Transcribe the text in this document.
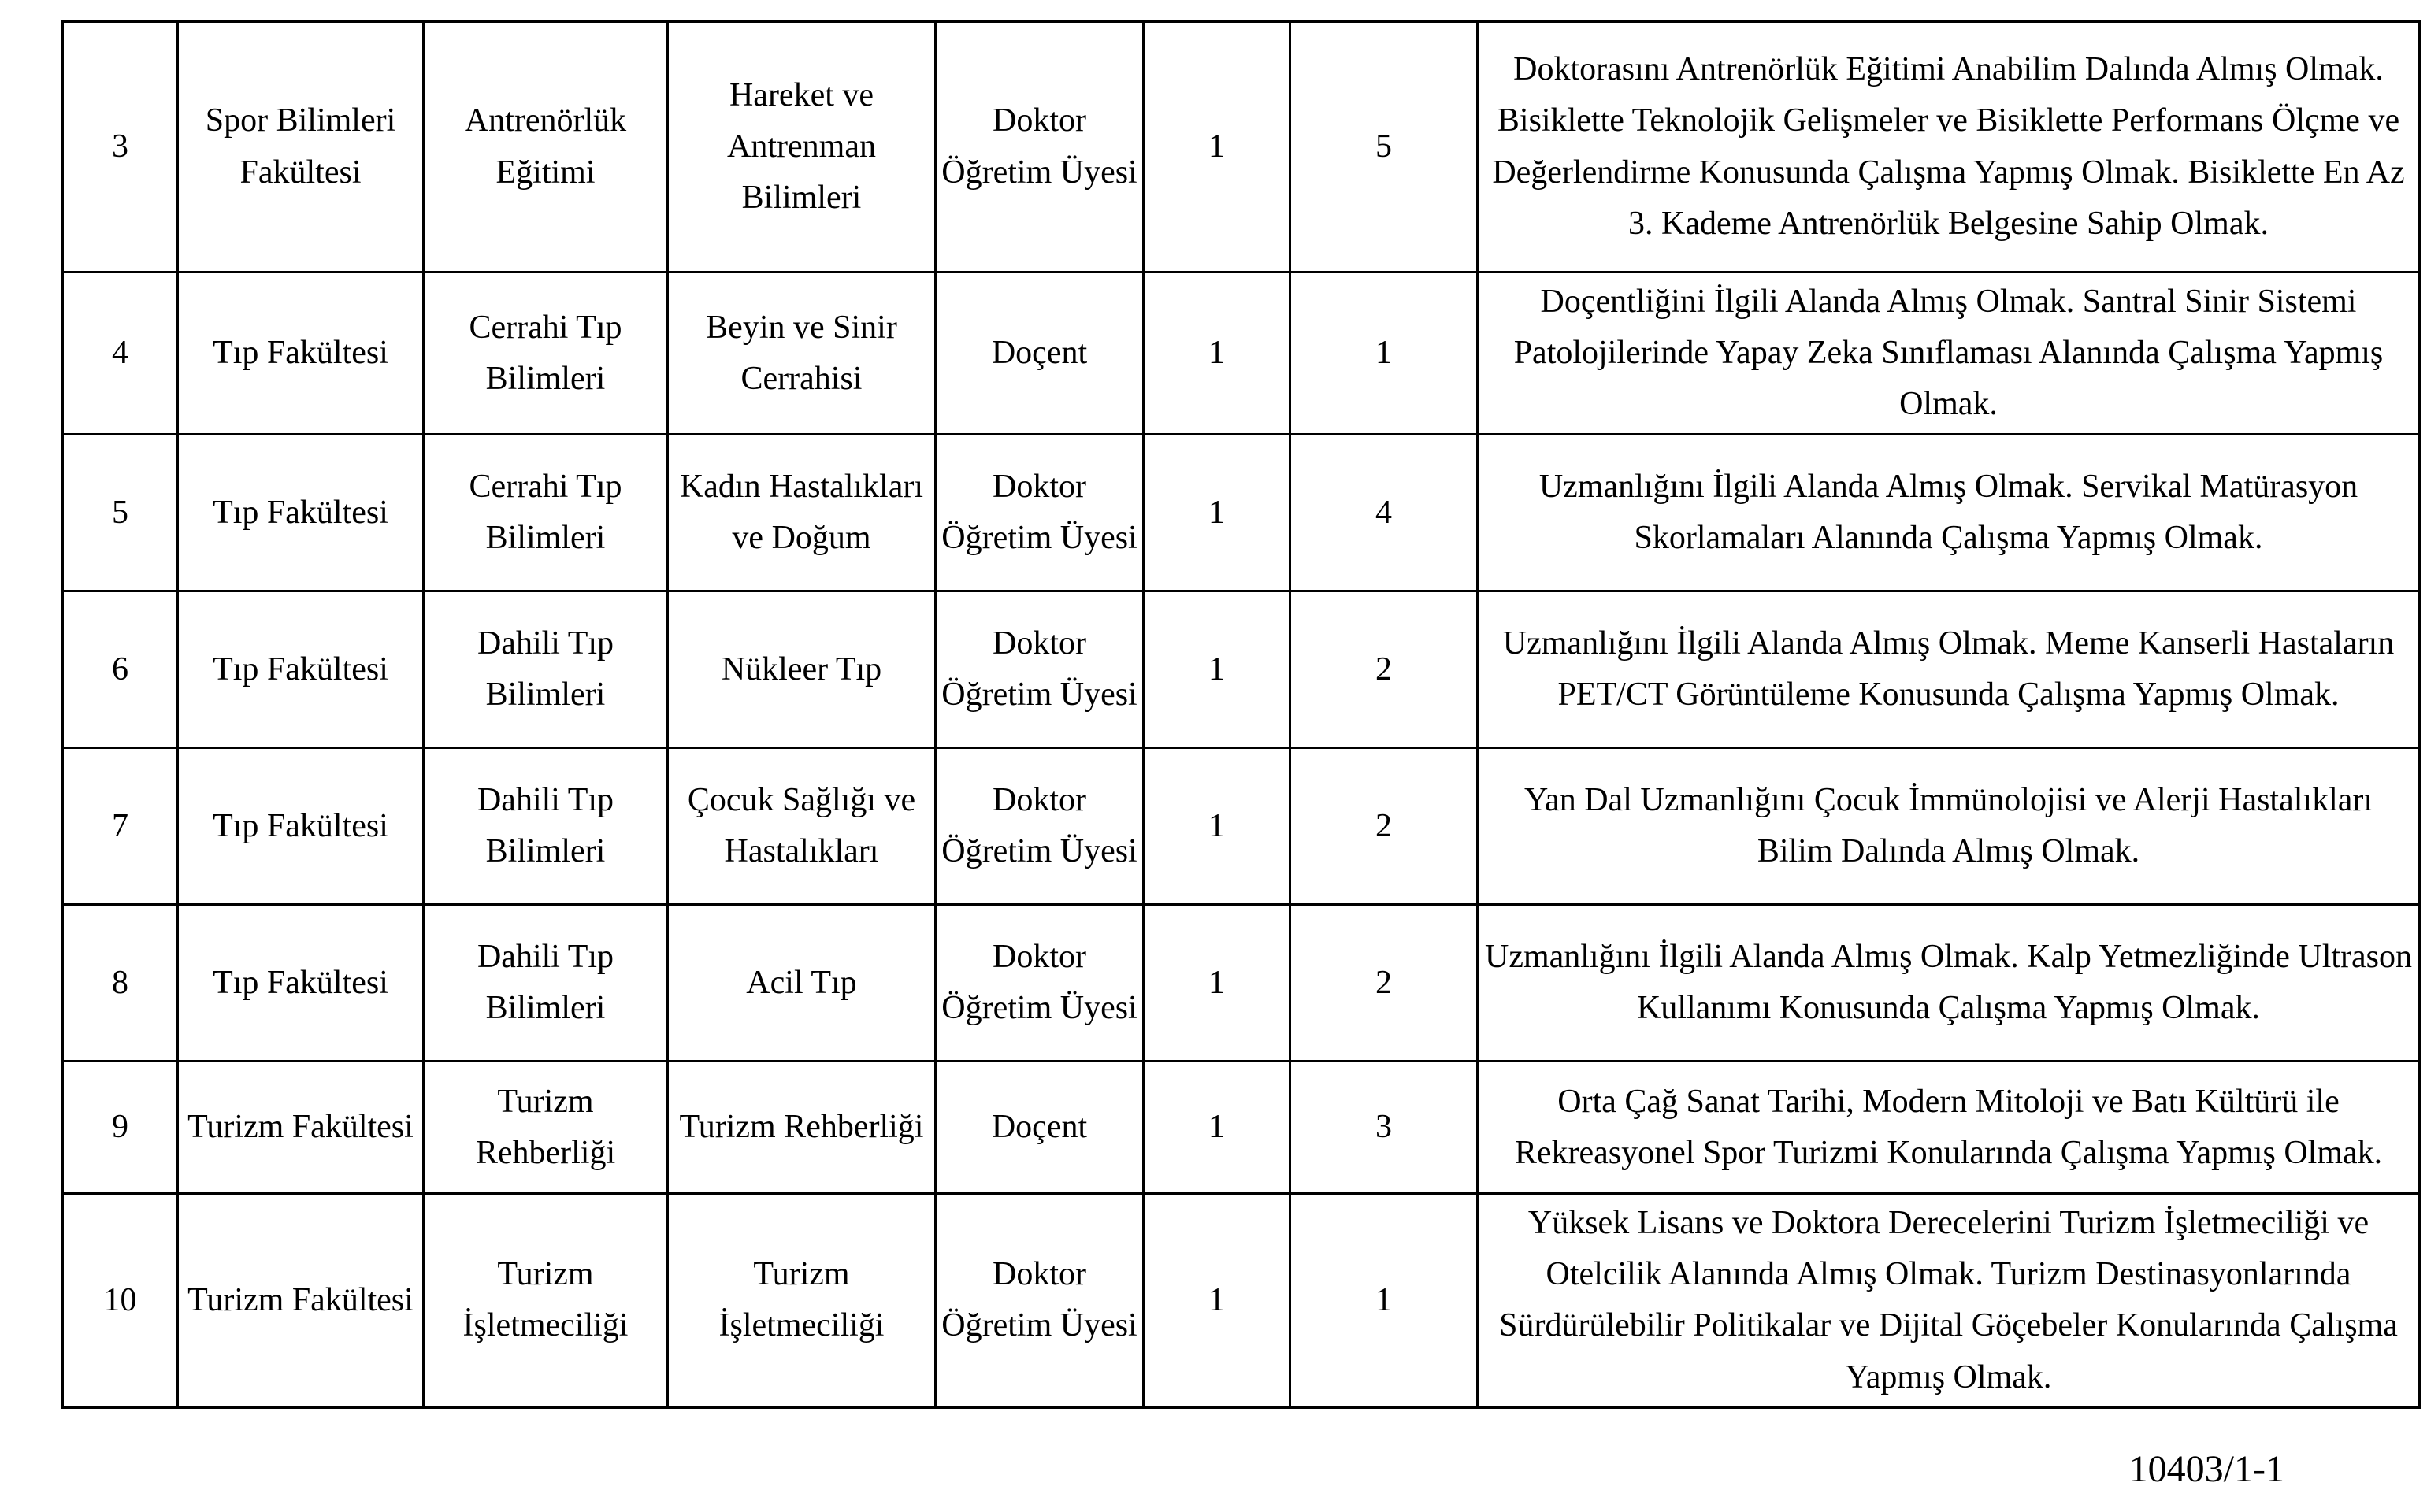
3	Spor Bilimleri Fakültesi	Antrenörlük Eğitimi	Hareket ve Antrenman Bilimleri	Doktor Öğretim Üyesi	1	5	Doktorasını Antrenörlük Eğitimi Anabilim Dalında Almış Olmak. Bisiklette Teknolojik Gelişmeler ve Bisiklette Performans Ölçme ve Değerlendirme Konusunda Çalışma Yapmış Olmak. Bisiklette En Az 3. Kademe Antrenörlük Belgesine Sahip Olmak.
4	Tıp Fakültesi	Cerrahi Tıp Bilimleri	Beyin ve Sinir Cerrahisi	Doçent	1	1	Doçentliğini İlgili Alanda Almış Olmak. Santral Sinir Sistemi Patolojilerinde Yapay Zeka Sınıflaması Alanında Çalışma Yapmış Olmak.
5	Tıp Fakültesi	Cerrahi Tıp Bilimleri	Kadın Hastalıkları ve Doğum	Doktor Öğretim Üyesi	1	4	Uzmanlığını İlgili Alanda Almış Olmak. Servikal Matürasyon Skorlamaları Alanında Çalışma Yapmış Olmak.
6	Tıp Fakültesi	Dahili Tıp Bilimleri	Nükleer Tıp	Doktor Öğretim Üyesi	1	2	Uzmanlığını İlgili Alanda Almış Olmak. Meme Kanserli Hastaların PET/CT Görüntüleme Konusunda Çalışma Yapmış Olmak.
7	Tıp Fakültesi	Dahili Tıp Bilimleri	Çocuk Sağlığı ve Hastalıkları	Doktor Öğretim Üyesi	1	2	Yan Dal Uzmanlığını Çocuk İmmünolojisi ve Alerji Hastalıkları Bilim Dalında Almış Olmak.
8	Tıp Fakültesi	Dahili Tıp Bilimleri	Acil Tıp	Doktor Öğretim Üyesi	1	2	Uzmanlığını İlgili Alanda Almış Olmak. Kalp Yetmezliğinde Ultrason Kullanımı Konusunda Çalışma Yapmış Olmak.
9	Turizm Fakültesi	Turizm Rehberliği	Turizm Rehberliği	Doçent	1	3	Orta Çağ Sanat Tarihi, Modern Mitoloji ve Batı Kültürü ile Rekreasyonel Spor Turizmi Konularında Çalışma Yapmış Olmak.
10	Turizm Fakültesi	Turizm İşletmeciliği	Turizm İşletmeciliği	Doktor Öğretim Üyesi	1	1	Yüksek Lisans ve Doktora Derecelerini Turizm İşletmeciliği ve Otelcilik Alanında Almış Olmak. Turizm Destinasyonlarında Sürdürülebilir Politikalar ve Dijital Göçebeler Konularında Çalışma Yapmış Olmak.
10403/1-1
